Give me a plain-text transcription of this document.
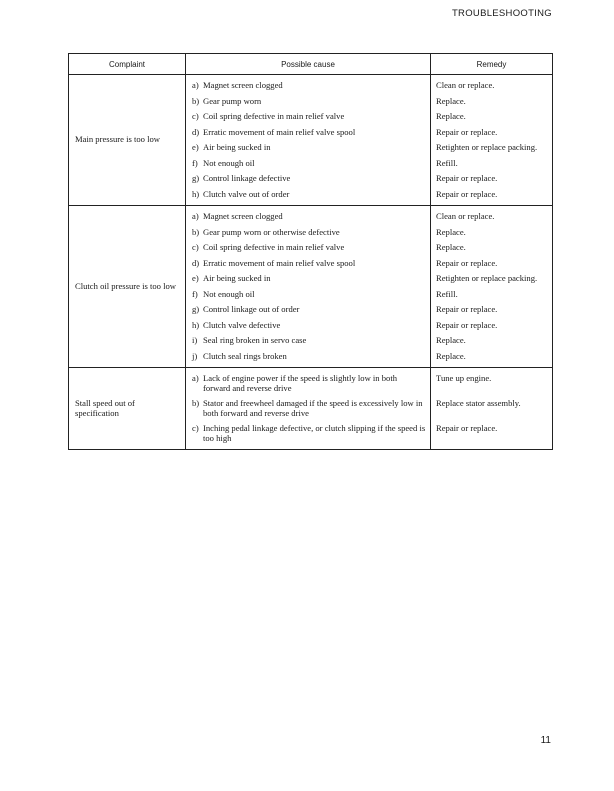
TROUBLESHOOTING
Complaint	Possible cause	Remedy
Main pressure is too low	a) Magnet screen clogged	Clean or replace.

	b) Gear pump worn	Replace.

	c) Coil spring defective in main relief valve	Replace.

	d) Erratic movement of main relief valve spool	Repair or replace.

	e) Air being sucked in	Retighten or replace packing.

	f) Not enough oil	Refill.

	g) Control linkage defective	Repair or replace.

	h) Clutch valve out of order	Repair or replace.

Clutch oil pressure is too low	a) Magnet screen clogged	Clean or replace.

	b) Gear pump worn or otherwise defective	Replace.

	c) Coil spring defective in main relief valve	Replace.

	d) Erratic movement of main relief valve spool	Repair or replace.

	e) Air being sucked in	Retighten or replace packing.

	f) Not enough oil	Refill.

	g) Control linkage out of order	Repair or replace.

	h) Clutch valve defective	Repair or replace.

	i) Seal ring broken in servo case	Replace.

	j) Clutch seal rings broken	Replace.

Stall speed out of specification	a) Lack of engine power if the speed is slightly low in both forward and reverse drive	Tune up engine.

	b) Stator and freewheel damaged if the speed is excessively low in both forward and reverse drive	Replace stator assembly.

	c) Inching pedal linkage defective, or clutch slipping if the speed is too high	Repair or replace.
11
